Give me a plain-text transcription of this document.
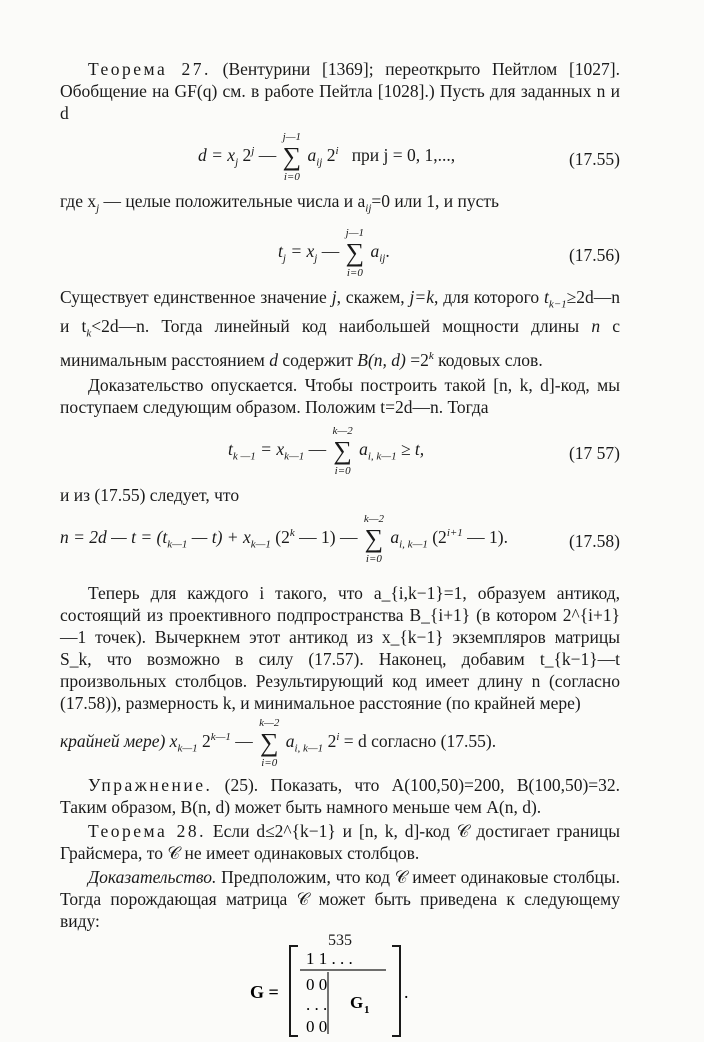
Теорема 27. (Вентурини [1369]; переоткрыто Пейтлом [1027]. Обобщение на GF(q) см. в работе Пейтла [1028].) Пусть для заданных n и d

$d = x_j$ 2$^j$ —
j—1
∑
i=0
$a_{ij}$ 2$^i$ при j = 0, 1,...,	(17.55)

где $x_j$ — целые положительные числа и $a_{ij}=0$ или 1, и пусть

$t_j = x_j$ —
j—1
∑
i=0
$a_{ij}$.	(17.56)

Существует единственное значение j, скажем, j=k, для которого $t_{k-1}\ge 2d—n$ и $t_k<2d—n$. Тогда линейный код наибольшей мощности длины n с минимальным расстоянием d содержит B(n, $d) =2^k$ кодовых слов.

Доказательство опускается. Чтобы построить такой [n, k, d]-код, мы поступаем следующим образом. Положим t=2d—n. Тогда

$t_{k —1} = x_{k—1}$ —
k—2
∑
i=0
$a_{i, k—1} \ge t$,	(17 57)

и из (17.55) следует, что

n = 2d — $t = (t_{k—1}$ — $t) + x_{k—1}$ (2$^k$ — 1) —
k—2
∑
i=0
$a_{i, k—1}$ ($2^{i+1}$ — 1).	(17.58)

Теперь для каждого i такого, что a_{i,k−1}=1, образуем антикод, состоящий из проективного подпространства B_{i+1} (в котором 2^{i+1}—1 точек). Вычеркнем этот антикод из x_{k−1} экземпляров матрицы S_k, что возможно в силу (17.57). Наконец, добавим t_{k−1}—t произвольных столбцов. Результирующий код имеет длину n (согласно (17.58)), размерность k, и минимальное расстояние (по крайней мере)

крайней мере) $x_{k—1}$ $2^{k—1}$ —
k—2
∑
i=0
$a_{i, k—1}$ $2^i = d$ согласно (17.55).

Упражнение. (25). Показать, что A(100,50)=200, B(100,50)=32. Таким образом, B(n, d) может быть намного меньше чем A(n, d).

Теорема 28. Если d≤2^{k−1} и [n, k, d]-код 𝒞 достигает границы Грайсмера, то 𝒞 не имеет одинаковых столбцов.

Доказательство. Предположим, что код 𝒞 имеет одинаковые столбцы. Тогда порождающая матрица 𝒞 может быть приведена к следующему виду:

G =
1 1 . . .
0 0
. . .
0 0
G 1
.
535
